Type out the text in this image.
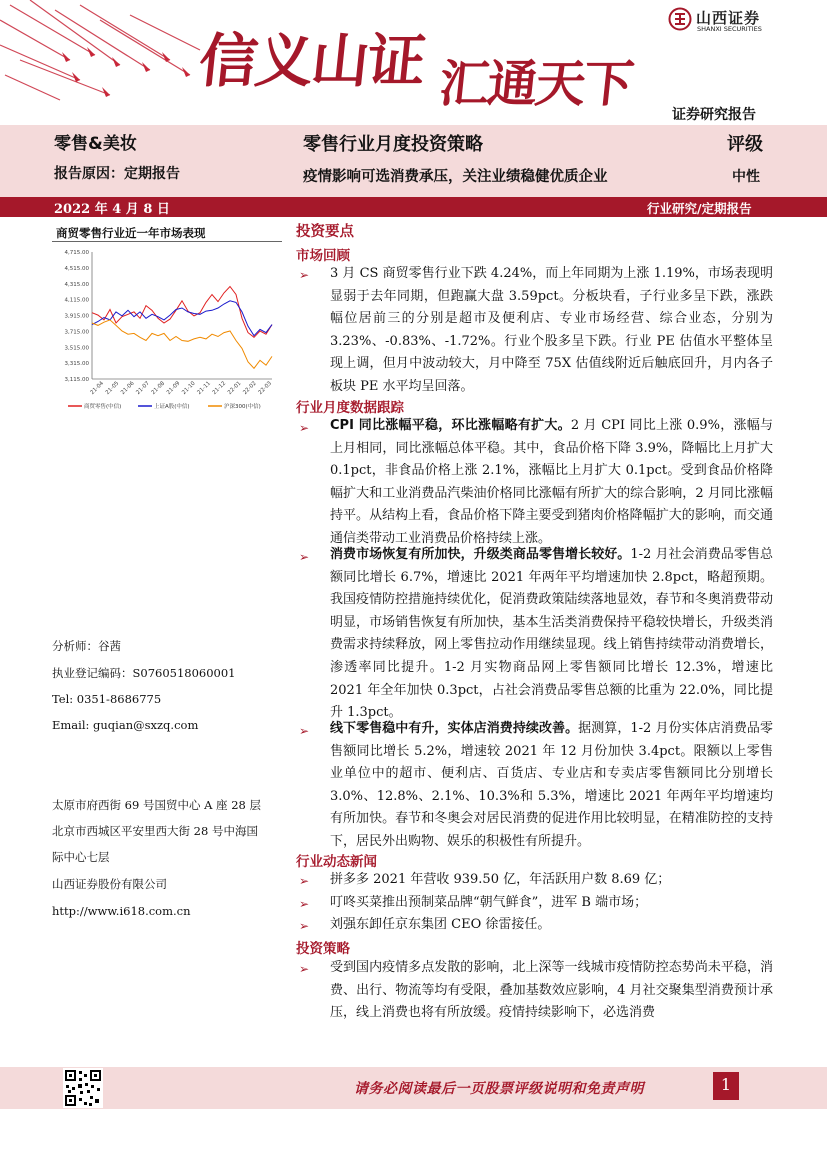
信义山证 汇通天下
山西证券
SHANXI SECURITIES
证券研究报告
零售&美妆
报告原因：定期报告
零售行业月度投资策略
疫情影响可选消费承压，关注业绩稳健优质企业
评级
中性
2022 年 4 月 8 日	行业研究/定期报告
商贸零售行业近一年市场表现
4,715.00
4,515.00
4,315.00
4,115.00
3,915.00
3,715.00
3,515.00
3,315.00
3,115.00
21-04 21-05 21-06 21-07 21-08 21-09 21-10 21-11 21-12 22-01 22-02 22-03
商贸零售(中信)	上证A股(中信)	沪深300(中信)
分析师：谷茜
执业登记编码：S0760518060001
Tel: 0351-8686775
Email: guqian@sxzq.com
太原市府西街 69 号国贸中心 A 座 28 层
北京市西城区平安里西大街 28 号中海国
际中心七层
山西证券股份有限公司
http://www.i618.com.cn
投资要点
市场回顾
➢ 3 月 CS 商贸零售行业下跌 4.24%，而上年同期为上涨 1.19%，市场表现明显弱于去年同期，但跑赢大盘 3.59pct。分板块看，子行业多呈下跌，涨跌幅位居前三的分别是超市及便利店、专业市场经营、综合业态，分别为 3.23%、-0.83%、-1.72%。行业个股多呈下跌。行业 PE 估值水平整体呈现上调，但月中波动较大，月中降至 75X 估值线附近后触底回升，月内各子板块 PE 水平均呈回落。
行业月度数据跟踪
➢ CPI 同比涨幅平稳，环比涨幅略有扩大。2 月 CPI 同比上涨 0.9%，涨幅与上月相同，同比涨幅总体平稳。其中，食品价格下降 3.9%，降幅比上月扩大 0.1pct，非食品价格上涨 2.1%，涨幅比上月扩大 0.1pct。受到食品价格降幅扩大和工业消费品汽柴油价格同比涨幅有所扩大的综合影响，2 月同比涨幅持平。从结构上看，食品价格下降主要受到猪肉价格降幅扩大的影响，而交通通信类带动工业消费品价格持续上涨。
➢ 消费市场恢复有所加快，升级类商品零售增长较好。1-2 月社会消费品零售总额同比增长 6.7%，增速比 2021 年两年平均增速加快 2.8pct，略超预期。我国疫情防控措施持续优化，促消费政策陆续落地显效，春节和冬奥消费带动明显，市场销售恢复有所加快，基本生活类消费保持平稳较快增长，升级类消费需求持续释放，网上零售拉动作用继续显现。线上销售持续带动消费增长，渗透率同比提升。1-2 月实物商品网上零售额同比增长 12.3%，增速比 2021 年全年加快 0.3pct，占社会消费品零售总额的比重为 22.0%，同比提升 1.3pct。
➢ 线下零售稳中有升，实体店消费持续改善。据测算，1-2 月份实体店消费品零售额同比增长 5.2%，增速较 2021 年 12 月份加快 3.4pct。限额以上零售业单位中的超市、便利店、百货店、专业店和专卖店零售额同比分别增长 3.0%、12.8%、2.1%、10.3%和 5.3%，增速比 2021 年两年平均增速均有所加快。春节和冬奥会对居民消费的促进作用比较明显，在精准防控的支持下，居民外出购物、娱乐的积极性有所提升。
行业动态新闻
➢ 拼多多 2021 年营收 939.50 亿，年活跃用户数 8.69 亿；
➢ 叮咚买菜推出预制菜品牌“朝气鲜食”，进军 B 端市场；
➢ 刘强东卸任京东集团 CEO 徐雷接任。
投资策略
➢ 受到国内疫情多点发散的影响，北上深等一线城市疫情防控态势尚未平稳，消费、出行、物流等均有受限，叠加基数效应影响，4 月社交聚集型消费预计承压，线上消费也将有所放缓。疫情持续影响下，必选消费
请务必阅读最后一页股票评级说明和免责声明	1
